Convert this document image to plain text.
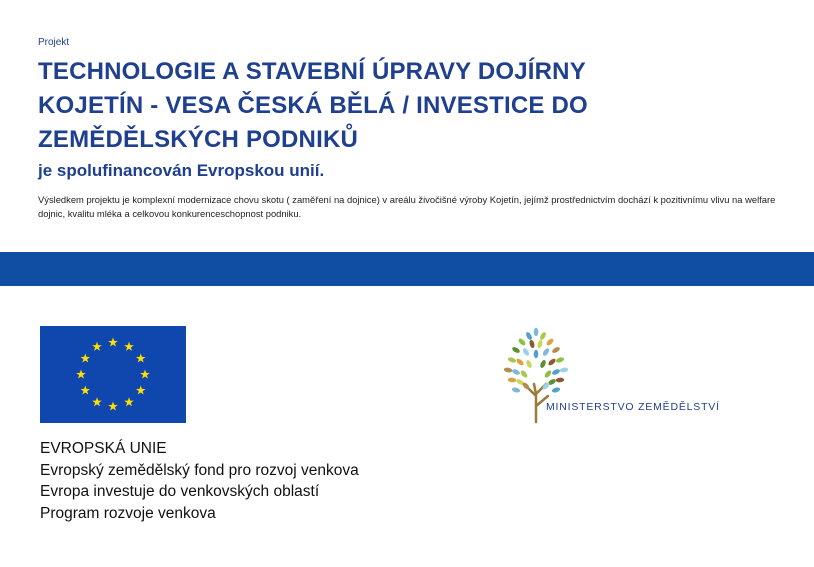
Projekt
TECHNOLOGIE A STAVEBNÍ ÚPRAVY DOJÍRNY
KOJETÍN - VESA ČESKÁ BĚLÁ / INVESTICE DO
ZEMĚDĚLSKÝCH PODNIKŮ
je spolufinancován Evropskou unií.
Výsledkem projektu je komplexní modernizace chovu skotu ( zaměření na dojnice) v areálu živočišné výroby Kojetín, jejímž prostřednictvím dochází k pozitivnímu vlivu na welfare dojnic, kvalitu mléka a celkovou konkurenceschopnost podniku.
EVROPSKÁ UNIE
Evropský zemědělský fond pro rozvoj venkova
Evropa investuje do venkovských oblastí
Program rozvoje venkova
MINISTERSTVO ZEMĚDĚLSTVÍ
